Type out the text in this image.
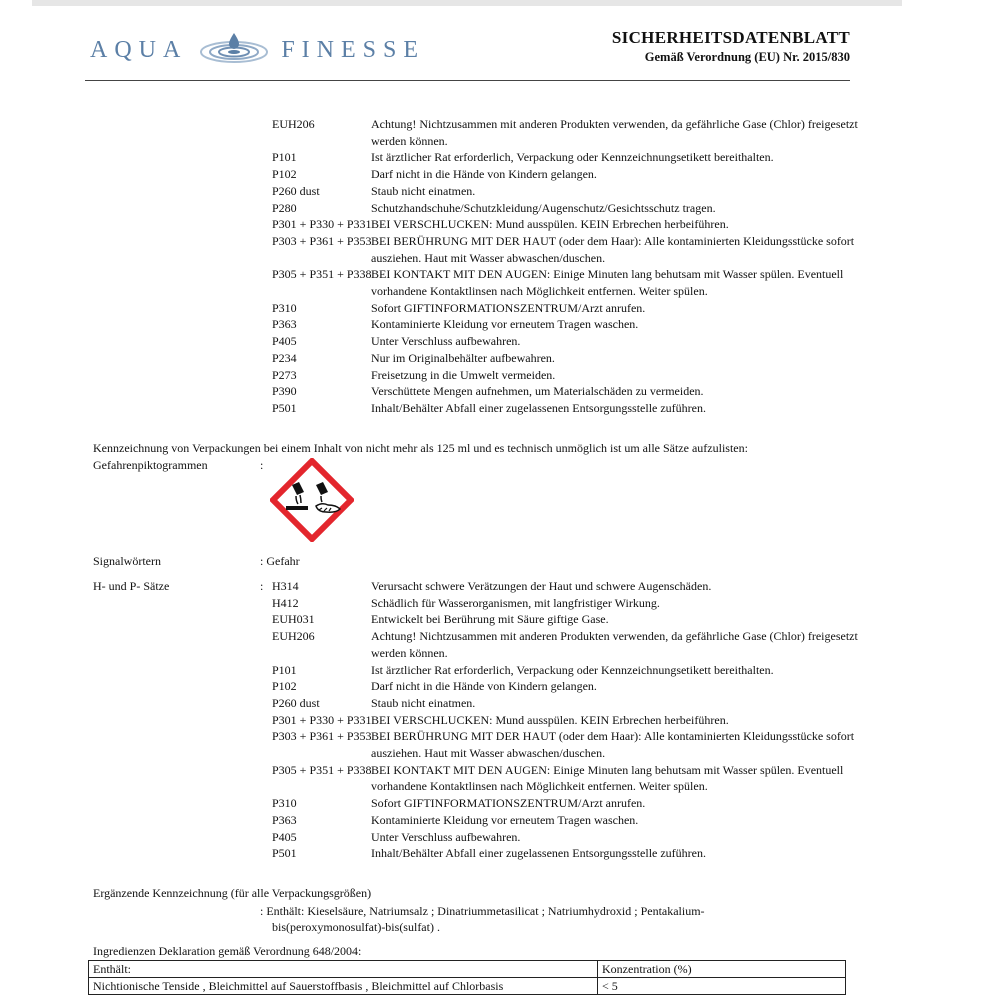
AQUA	FINESSE	SICHERHEITSDATENBLATT
Gemäß Verordnung (EU) Nr. 2015/830
EUH206	Achtung! Nichtzusammen mit anderen Produkten verwenden, da gefährliche Gase (Chlor) freigesetzt werden können.
P101	Ist ärztlicher Rat erforderlich, Verpackung oder Kennzeichnungsetikett bereithalten.
P102	Darf nicht in die Hände von Kindern gelangen.
P260 dust	Staub nicht einatmen.
P280	Schutzhandschuhe/Schutzkleidung/Augenschutz/Gesichtsschutz tragen.
P301 + P330 + P331 BEI VERSCHLUCKEN: Mund ausspülen. KEIN Erbrechen herbeiführen.
P303 + P361 + P353 BEI BERÜHRUNG MIT DER HAUT (oder dem Haar): Alle kontaminierten Kleidungsstücke sofort ausziehen. Haut mit Wasser abwaschen/duschen.
P305 + P351 + P338 BEI KONTAKT MIT DEN AUGEN: Einige Minuten lang behutsam mit Wasser spülen. Eventuell vorhandene Kontaktlinsen nach Möglichkeit entfernen. Weiter spülen.
P310	Sofort GIFTINFORMATIONSZENTRUM/Arzt anrufen.
P363	Kontaminierte Kleidung vor erneutem Tragen waschen.
P405	Unter Verschluss aufbewahren.
P234	Nur im Originalbehälter aufbewahren.
P273	Freisetzung in die Umwelt vermeiden.
P390	Verschüttete Mengen aufnehmen, um Materialschäden zu vermeiden.
P501	Inhalt/Behälter Abfall einer zugelassenen Entsorgungsstelle zuführen.
Kennzeichnung von Verpackungen bei einem Inhalt von nicht mehr als 125 ml und es technisch unmöglich ist um alle Sätze aufzulisten:
Gefahrenpiktogrammen	:
Signalwörtern	: Gefahr
H- und P- Sätze	: H314	Verursacht schwere Verätzungen der Haut und schwere Augenschäden.
H412	Schädlich für Wasserorganismen, mit langfristiger Wirkung.
EUH031	Entwickelt bei Berührung mit Säure giftige Gase.
EUH206	Achtung! Nichtzusammen mit anderen Produkten verwenden, da gefährliche Gase (Chlor) freigesetzt werden können.
P101	Ist ärztlicher Rat erforderlich, Verpackung oder Kennzeichnungsetikett bereithalten.
P102	Darf nicht in die Hände von Kindern gelangen.
P260 dust	Staub nicht einatmen.
P301 + P330 + P331 BEI VERSCHLUCKEN: Mund ausspülen. KEIN Erbrechen herbeiführen.
P303 + P361 + P353 BEI BERÜHRUNG MIT DER HAUT (oder dem Haar): Alle kontaminierten Kleidungsstücke sofort ausziehen. Haut mit Wasser abwaschen/duschen.
P305 + P351 + P338 BEI KONTAKT MIT DEN AUGEN: Einige Minuten lang behutsam mit Wasser spülen. Eventuell vorhandene Kontaktlinsen nach Möglichkeit entfernen. Weiter spülen.
P310	Sofort GIFTINFORMATIONSZENTRUM/Arzt anrufen.
P363	Kontaminierte Kleidung vor erneutem Tragen waschen.
P405	Unter Verschluss aufbewahren.
P501	Inhalt/Behälter Abfall einer zugelassenen Entsorgungsstelle zuführen.
Ergänzende Kennzeichnung (für alle Verpackungsgrößen)
: Enthält: Kieselsäure, Natriumsalz ; Dinatriummetasilicat ; Natriumhydroxid ; Pentakalium-
bis(peroxymonosulfat)-bis(sulfat) .
Ingredienzen Deklaration gemäß Verordnung 648/2004:
Enthält:	Konzentration (%)
Nichtionische Tenside , Bleichmittel auf Sauerstoffbasis , Bleichmittel auf Chlorbasis	< 5
